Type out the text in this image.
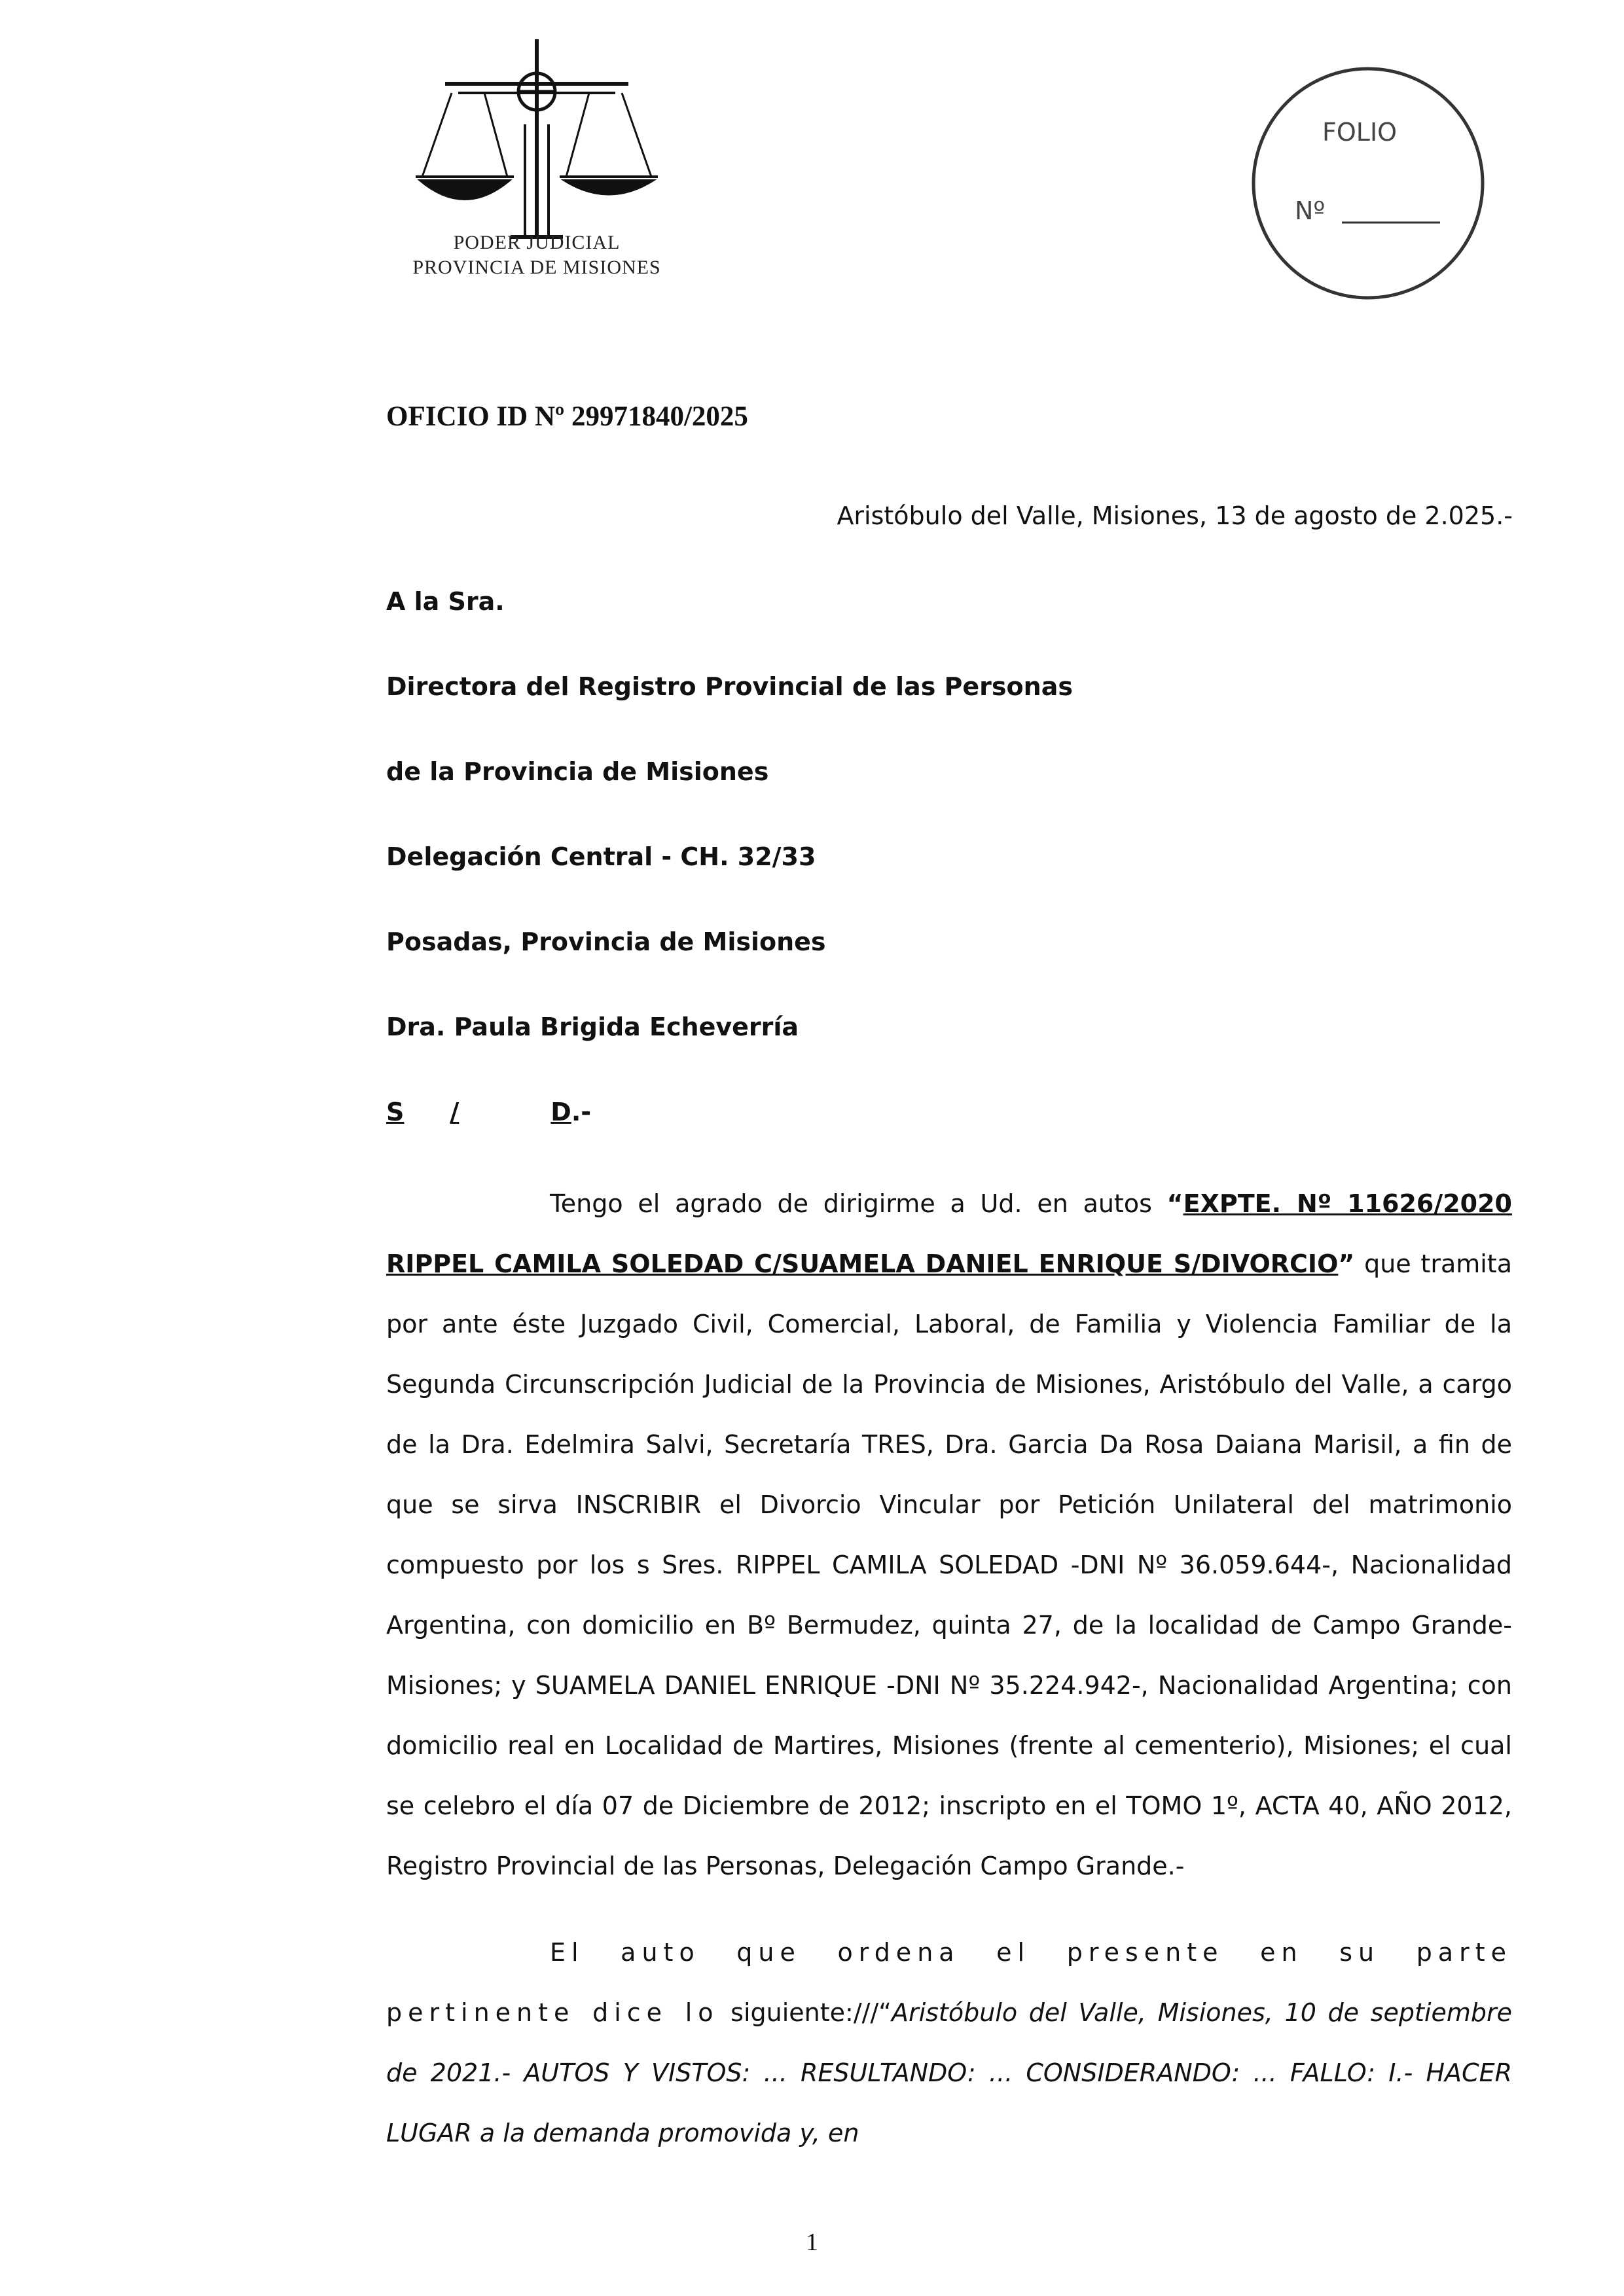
PODER JUDICIAL
PROVINCIA DE MISIONES
FOLIO
Nº
OFICIO ID Nº 29971840/2025
Aristóbulo del Valle, Misiones, 13 de agosto de 2.025.-
A la Sra.
Directora del Registro Provincial de las Personas
de la Provincia de Misiones
Delegación Central - CH. 32/33
Posadas, Provincia de Misiones
Dra. Paula Brigida Echeverría
S /	D.-
Tengo el agrado de dirigirme a Ud. en autos “EXPTE. Nº 11626/2020 RIPPEL CAMILA SOLEDAD C/SUAMELA DANIEL ENRIQUE S/DIVORCIO” que tramita por ante éste Juzgado Civil, Comercial, Laboral, de Familia y Violencia Familiar de la Segunda Circunscripción Judicial de la Provincia de Misiones, Aristóbulo del Valle, a cargo de la Dra. Edelmira Salvi, Secretaría TRES, Dra. Garcia Da Rosa Daiana Marisil, a fin de que se sirva INSCRIBIR el Divorcio Vincular por Petición Unilateral del matrimonio compuesto por los s Sres. RIPPEL CAMILA SOLEDAD -DNI Nº 36.059.644-, Nacionalidad Argentina, con domicilio en Bº Bermudez, quinta 27, de la localidad de Campo Grande-Misiones; y SUAMELA DANIEL ENRIQUE -DNI Nº 35.224.942-, Nacionalidad Argentina; con domicilio real en Localidad de Martires, Misiones (frente al cementerio), Misiones; el cual se celebro el día 07 de Diciembre de 2012; inscripto en el TOMO 1º, ACTA 40, AÑO 2012, Registro Provincial de las Personas, Delegación Campo Grande.-
El auto que ordena el presente en su parte pertinente dice lo siguiente:///“Aristóbulo del Valle, Misiones, 10 de septiembre de 2021.- AUTOS Y VISTOS: ... RESULTANDO: ... CONSIDERANDO: ... FALLO: I.- HACER LUGAR a la demanda promovida y, en
1
